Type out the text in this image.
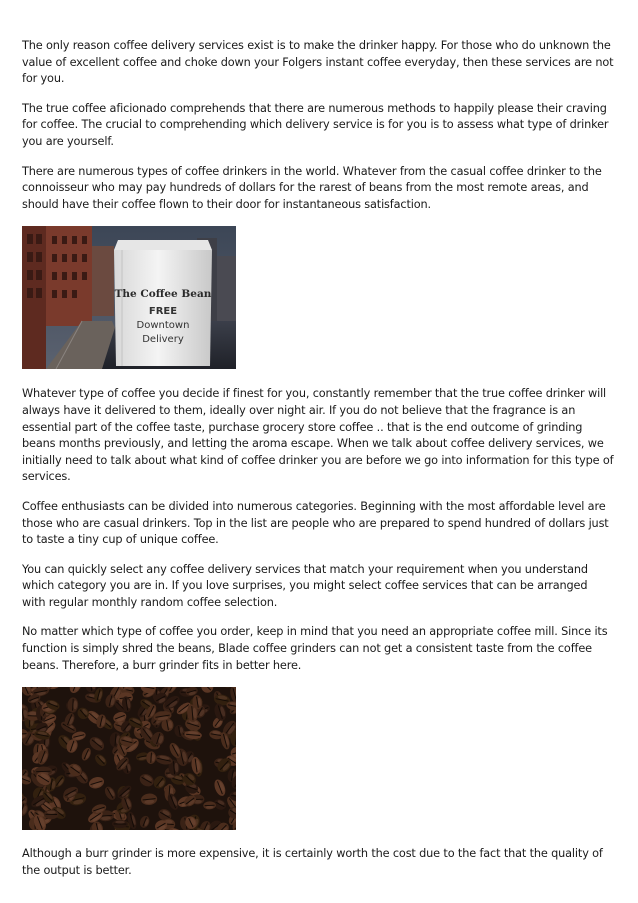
The only reason coffee delivery services exist is to make the drinker happy. For those who do unknown the value of excellent coffee and choke down your Folgers instant coffee everyday, then these services are not for you.

The true coffee aficionado comprehends that there are numerous methods to happily please their craving for coffee. The crucial to comprehending which delivery service is for you is to assess what type of drinker you are yourself.

There are numerous types of coffee drinkers in the world. Whatever from the casual coffee drinker to the connoisseur who may pay hundreds of dollars for the rarest of beans from the most remote areas, and should have their coffee flown to their door for instantaneous satisfaction.

The Coffee Bean
FREE
Downtown
Delivery

Whatever type of coffee you decide if finest for you, constantly remember that the true coffee drinker will always have it delivered to them, ideally over night air. If you do not believe that the fragrance is an essential part of the coffee taste, purchase grocery store coffee .. that is the end outcome of grinding beans months previously, and letting the aroma escape. When we talk about coffee delivery services, we initially need to talk about what kind of coffee drinker you are before we go into information for this type of services.

Coffee enthusiasts can be divided into numerous categories. Beginning with the most affordable level are those who are casual drinkers. Top in the list are people who are prepared to spend hundred of dollars just to taste a tiny cup of unique coffee.

You can quickly select any coffee delivery services that match your requirement when you understand which category you are in. If you love surprises, you might select coffee services that can be arranged with regular monthly random coffee selection.

No matter which type of coffee you order, keep in mind that you need an appropriate coffee mill. Since its function is simply shred the beans, Blade coffee grinders can not get a consistent taste from the coffee beans. Therefore, a burr grinder fits in better here.

Although a burr grinder is more expensive, it is certainly worth the cost due to the fact that the quality of the output is better.
